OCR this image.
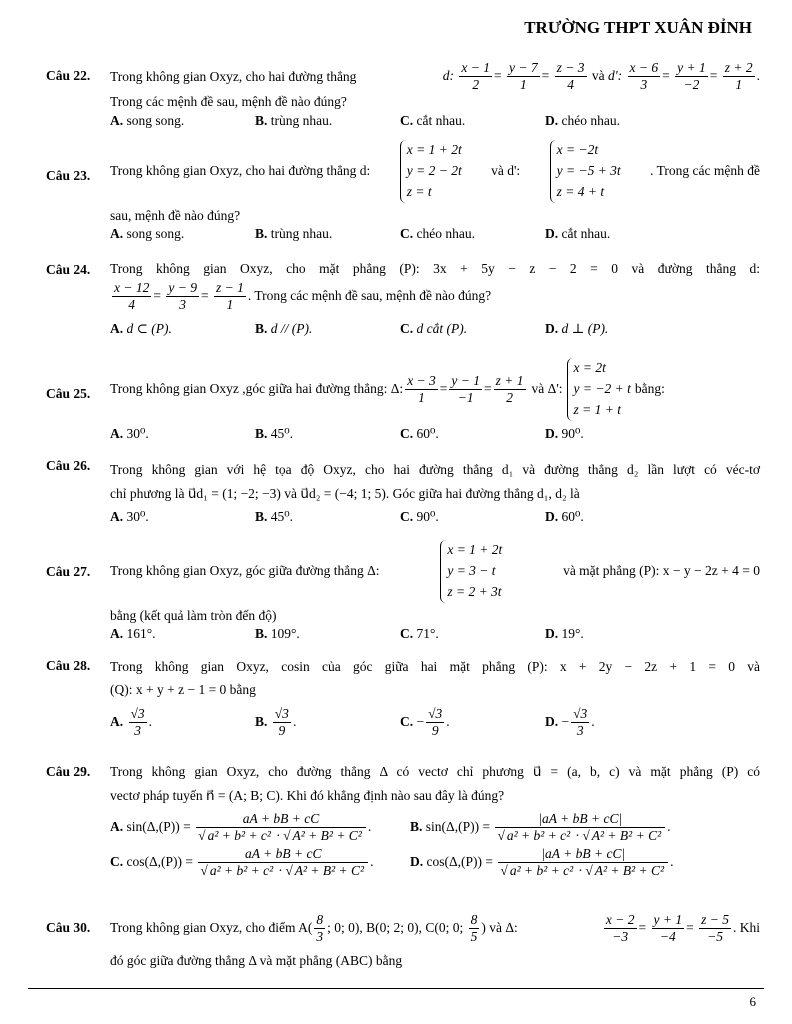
TRƯỜNG THPT XUÂN ĐỈNH
Câu 22. Trong không gian Oxyz, cho hai đường thẳng	d: $\frac{x - 1}{2} = \frac{y - 7}{1} = \frac{z - 3}{4}$ và d': $\frac{x - 6}{3} = \frac{y + 1}{-2} = \frac{z + 2}{1}$ .
Trong các mệnh đề sau, mệnh đề nào đúng?
A. song song.	B. trùng nhau.	C. cắt nhau.	D. chéo nhau.
Câu 23. Trong không gian Oxyz, cho hai đường thẳng d:
x = 1 + 2t
y = 2 − 2t
z = t
và d':
x = −2t
y = −5 + 3t
z = 4 + t
. Trong các mệnh đề
sau, mệnh đề nào đúng?
A. song song.	B. trùng nhau.	C. chéo nhau.	D. cắt nhau.
Câu 24. Trong không gian Oxyz, cho mặt phẳng (P): 3x + 5y − z − 2 = 0 và đường thẳng d:
$\frac{x - 12}{4} = \frac{y - 9}{3} = \frac{z - 1}{1}$ . Trong các mệnh đề sau, mệnh đề nào đúng?
A. d ⊂ (P).	B. d // (P).	C. d cắt (P).	D. d ⊥ (P).
Câu 25. Trong không gian Oxyz ,góc giữa hai đường thẳng: Δ: $\frac{x - 3}{1} = \frac{y - 1}{-1} = \frac{z + 1}{2}$ và Δ':
x = 2t
y = −2 + t
z = 1 + t
bằng:
A. 30⁰.	B. 45⁰.	C. 60⁰.	D. 90⁰.
Câu 26. Trong không gian với hệ tọa độ Oxyz, cho hai đường thẳng d₁ và đường thẳng d₂ lần lượt có véc-tơ
chỉ phương là u⃗d₁ = (1; −2; −3) và u⃗d₂ = (−4; 1; 5). Góc giữa hai đường thẳng d₁, d₂ là
A. 30⁰.	B. 45⁰.	C. 90⁰.	D. 60⁰.
Câu 27. Trong không gian Oxyz, góc giữa đường thẳng Δ:
x = 1 + 2t
y = 3 − t
z = 2 + 3t
và mặt phẳng (P): x − y − 2z + 4 = 0
bằng (kết quả làm tròn đến độ)
A. 161°.	B. 109°.	C. 71°.	D. 19°.
Câu 28. Trong không gian Oxyz, cosin của góc giữa hai mặt phẳng (P): x + 2y − 2z + 1 = 0 và
(Q): x + y + z − 1 = 0 bằng
A. $\frac{√3}{3}$ .	B. $\frac{√3}{9}$ .	C. − $\frac{√3}{9}$ .	D. − $\frac{√3}{3}$ .
Câu 29. Trong không gian Oxyz, cho đường thẳng Δ có vectơ chỉ phương u⃗ = (a, b, c) và mặt phẳng (P) có
vectơ pháp tuyến n⃗ = (A; B; C). Khi đó khẳng định nào sau đây là đúng?
A. $\sin(\Delta,(P)) = \frac{aA + bB + cC}{\text{√ a² + b² + c² · √ A² + B² + C²}}$ .	B. $\sin(\Delta,(P)) = \frac{|aA + bB + cC|}{\text{√ a² + b² + c² · √ A² + B² + C²}}$ .
C. $\cos(\Delta,(P)) = \frac{aA + bB + cC}{\text{√ a² + b² + c² · √ A² + B² + C²}}$ .	D. $\cos(\Delta,(P)) = \frac{|aA + bB + cC|}{\text{√ a² + b² + c² · √ A² + B² + C²}}$ .
Câu 30. Trong không gian Oxyz, cho điểm $A( \frac{8}{3}$ ; 0; 0), B(0; 2; 0), C(0; 0; $\frac{8}{5}$ ) và Δ:	$\frac{x - 2}{-3} = \frac{y + 1}{-4} = \frac{z - 5}{-5}$ . Khi
đó góc giữa đường thẳng Δ và mặt phẳng (ABC) bằng
6
